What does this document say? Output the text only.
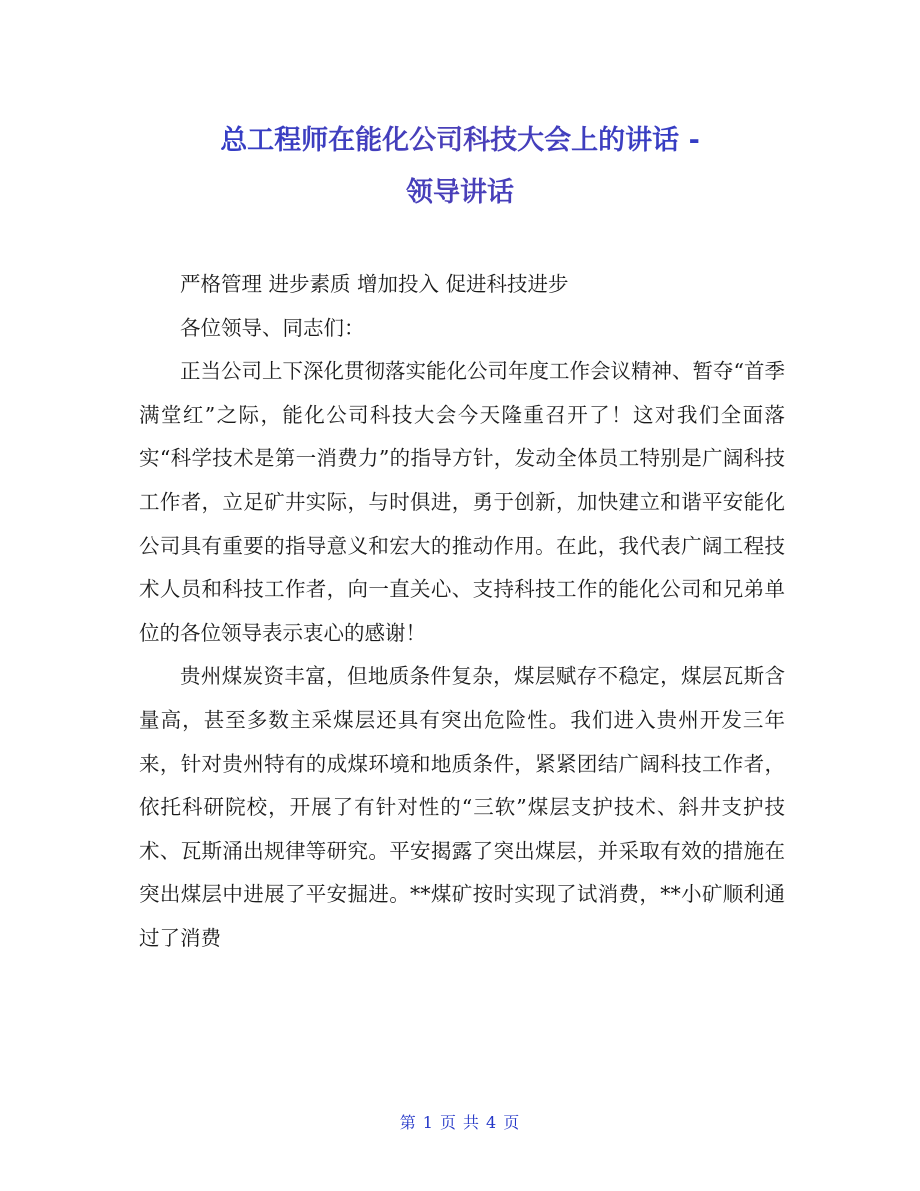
总工程师在能化公司科技大会上的讲话 -
领导讲话

严格管理 进步素质 增加投入 促进科技进步

各位领导、同志们：

正当公司上下深化贯彻落实能化公司年度工作会议精神、暂夺“首季满堂红”之际，能化公司科技大会今天隆重召开了！这对我们全面落实“科学技术是第一消费力”的指导方针，发动全体员工特别是广阔科技工作者，立足矿井实际，与时俱进，勇于创新，加快建立和谐平安能化公司具有重要的指导意义和宏大的推动作用。在此，我代表广阔工程技术人员和科技工作者，向一直关心、支持科技工作的能化公司和兄弟单位的各位领导表示衷心的感谢！

贵州煤炭资丰富，但地质条件复杂，煤层赋存不稳定，煤层瓦斯含量高，甚至多数主采煤层还具有突出危险性。我们进入贵州开发三年来，针对贵州特有的成煤环境和地质条件，紧紧团结广阔科技工作者，依托科研院校，开展了有针对性的“三软”煤层支护技术、斜井支护技术、瓦斯涌出规律等研究。平安揭露了突出煤层，并采取有效的措施在突出煤层中进展了平安掘进。**煤矿按时实现了试消费，**小矿顺利通过了消费

第 1 页 共 4 页
